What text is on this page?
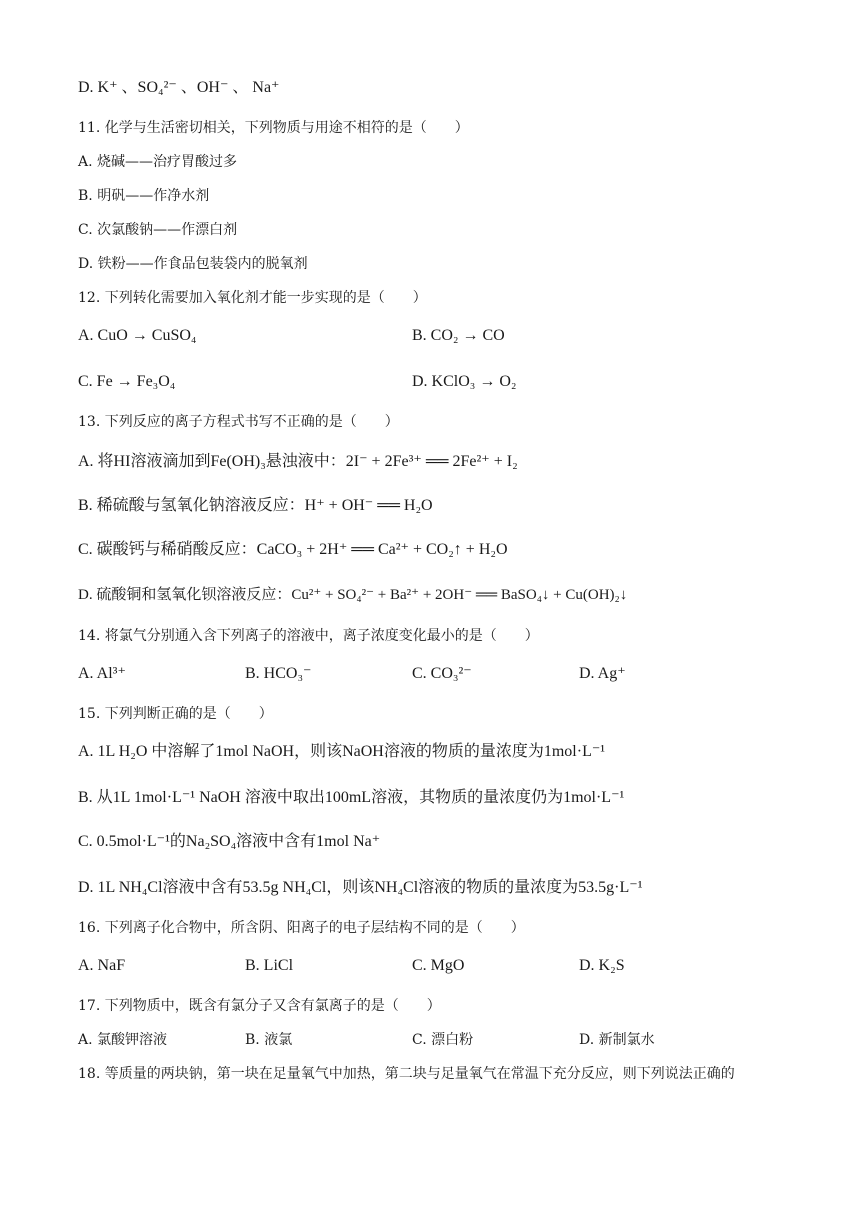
D. K⁺ 、SO₄²⁻ 、OH⁻ 、 Na⁺
11. 化学与生活密切相关，下列物质与用途不相符的是（　　）
A. 烧碱——治疗胃酸过多
B. 明矾——作净水剂
C. 次氯酸钠——作漂白剂
D. 铁粉——作食品包装袋内的脱氧剂
12. 下列转化需要加入氧化剂才能一步实现的是（　　）
A. CuO → CuSO₄	B. CO₂ → CO
C. Fe → Fe₃O₄	D. KClO₃ → O₂
13. 下列反应的离子方程式书写不正确的是（　　）
A. 将HI溶液滴加到Fe(OH)₃悬浊液中：2I⁻ + 2Fe³⁺ ══ 2Fe²⁺ + I₂
B. 稀硫酸与氢氧化钠溶液反应：H⁺ + OH⁻ ══ H₂O
C. 碳酸钙与稀硝酸反应：CaCO₃ + 2H⁺ ══ Ca²⁺ + CO₂↑ + H₂O
D. 硫酸铜和氢氧化钡溶液反应：Cu²⁺ + SO₄²⁻ + Ba²⁺ + 2OH⁻ ══ BaSO₄↓ + Cu(OH)₂↓
14. 将氯气分别通入含下列离子的溶液中，离子浓度变化最小的是（　　）
A. Al³⁺	B. HCO₃⁻	C. CO₃²⁻	D. Ag⁺
15. 下列判断正确的是（　　）
A. 1L H₂O 中溶解了1mol NaOH，则该NaOH溶液的物质的量浓度为1mol·L⁻¹
B. 从1L 1mol·L⁻¹ NaOH 溶液中取出100mL溶液，其物质的量浓度仍为1mol·L⁻¹
C. 0.5mol·L⁻¹的Na₂SO₄溶液中含有1mol Na⁺
D. 1L NH₄Cl溶液中含有53.5g NH₄Cl，则该NH₄Cl溶液的物质的量浓度为53.5g·L⁻¹
16. 下列离子化合物中，所含阴、阳离子的电子层结构不同的是（　　）
A. NaF	B. LiCl	C. MgO	D. K₂S
17. 下列物质中，既含有氯分子又含有氯离子的是（　　）
A. 氯酸钾溶液	B. 液氯	C. 漂白粉	D. 新制氯水
18. 等质量的两块钠，第一块在足量氧气中加热，第二块与足量氧气在常温下充分反应，则下列说法正确的
